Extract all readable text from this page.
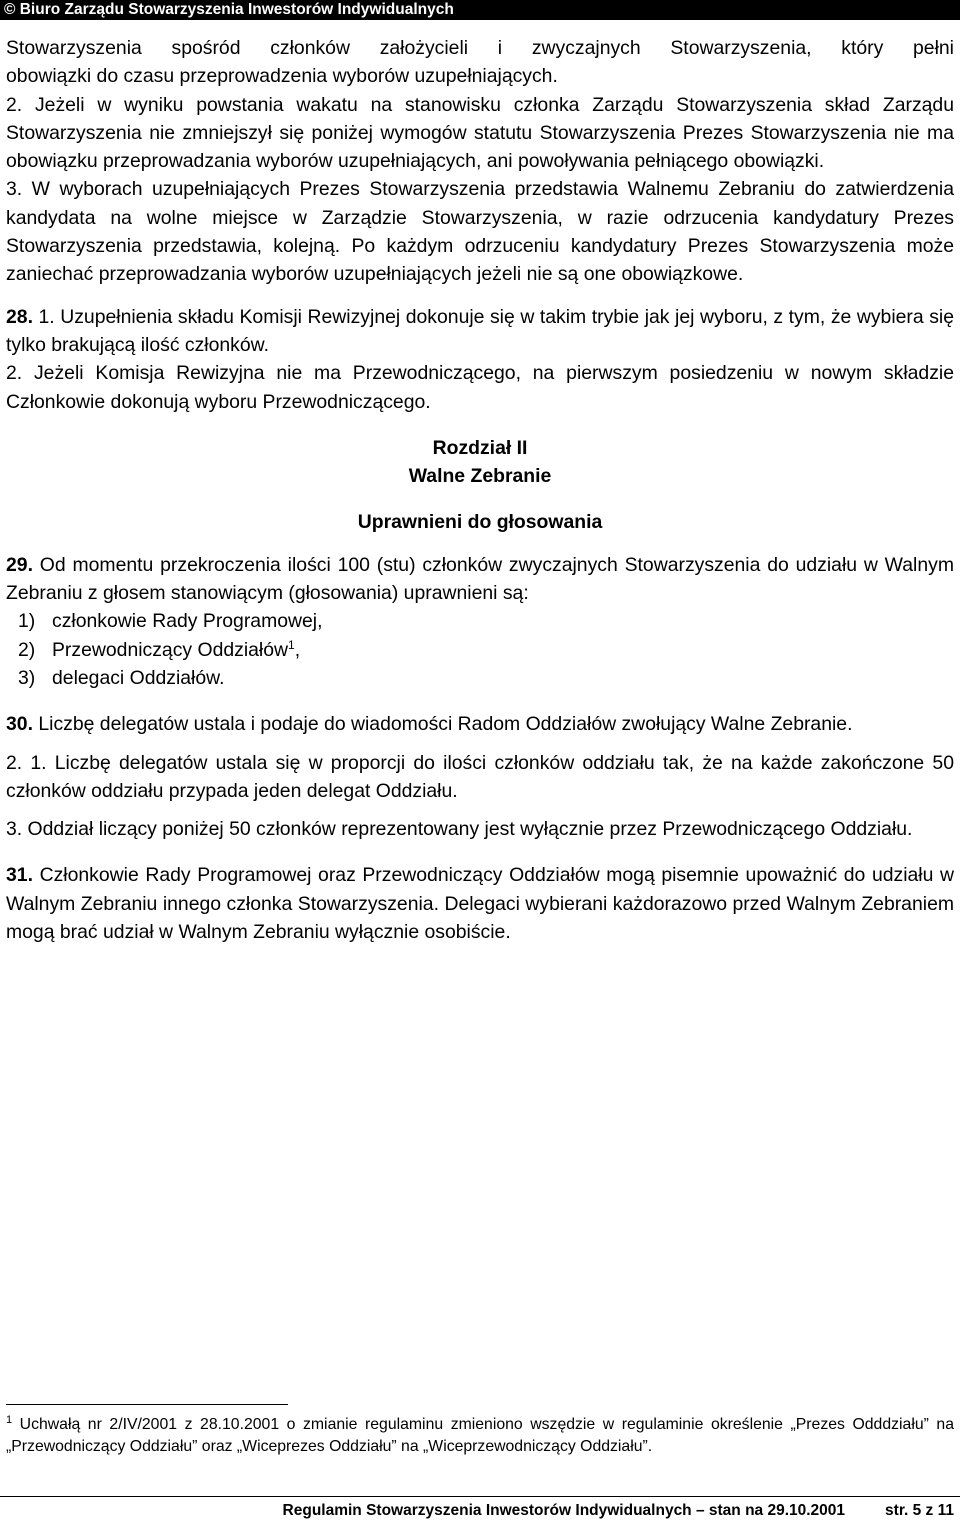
© Biuro Zarządu Stowarzyszenia Inwestorów Indywidualnych

Stowarzyszenia spośród członków założycieli i zwyczajnych Stowarzyszenia, który pełni

obowiązki do czasu przeprowadzenia wyborów uzupełniających.

2. Jeżeli w wyniku powstania wakatu na stanowisku członka Zarządu Stowarzyszenia skład Zarządu Stowarzyszenia nie zmniejszył się poniżej wymogów statutu Stowarzyszenia Prezes Stowarzyszenia nie ma obowiązku przeprowadzania wyborów uzupełniających, ani powoływania pełniącego obowiązki.

3. W wyborach uzupełniających Prezes Stowarzyszenia przedstawia Walnemu Zebraniu do zatwierdzenia kandydata na wolne miejsce w Zarządzie Stowarzyszenia, w razie odrzucenia kandydatury Prezes Stowarzyszenia przedstawia, kolejną. Po każdym odrzuceniu kandydatury Prezes Stowarzyszenia może zaniechać przeprowadzania wyborów uzupełniających jeżeli nie są one obowiązkowe.

28. 1. Uzupełnienia składu Komisji Rewizyjnej dokonuje się w takim trybie jak jej wyboru, z tym, że wybiera się tylko brakującą ilość członków.

2. Jeżeli Komisja Rewizyjna nie ma Przewodniczącego, na pierwszym posiedzeniu w nowym składzie Członkowie dokonują wyboru Przewodniczącego.

Rozdział II

Walne Zebranie

Uprawnieni do głosowania

29. Od momentu przekroczenia ilości 100 (stu) członków zwyczajnych Stowarzyszenia do udziału w Walnym Zebraniu z głosem stanowiącym (głosowania) uprawnieni są:

1) członkowie Rady Programowej,
2) Przewodniczący Oddziałów$^1$,
3) delegaci Oddziałów.

30. Liczbę delegatów ustala i podaje do wiadomości Radom Oddziałów zwołujący Walne Zebranie.

2. 1. Liczbę delegatów ustala się w proporcji do ilości członków oddziału tak, że na każde zakończone 50 członków oddziału przypada jeden delegat Oddziału.

3. Oddział liczący poniżej 50 członków reprezentowany jest wyłącznie przez Przewodniczącego Oddziału.

31. Członkowie Rady Programowej oraz Przewodniczący Oddziałów mogą pisemnie upoważnić do udziału w Walnym Zebraniu innego członka Stowarzyszenia. Delegaci wybierani każdorazowo przed Walnym Zebraniem mogą brać udział w Walnym Zebraniu wyłącznie osobiście.

$^1$ Uchwałą nr 2/IV/2001 z 28.10.2001 o zmianie regulaminu zmieniono wszędzie w regulaminie określenie „Prezes Odddziału” na „Przewodniczący Oddziału” oraz „Wiceprezes Oddziału” na „Wiceprzewodniczący Oddziału”.
Regulamin Stowarzyszenia Inwestorów Indywidualnych – stan na 29.10.2001	str. 5 z 11
